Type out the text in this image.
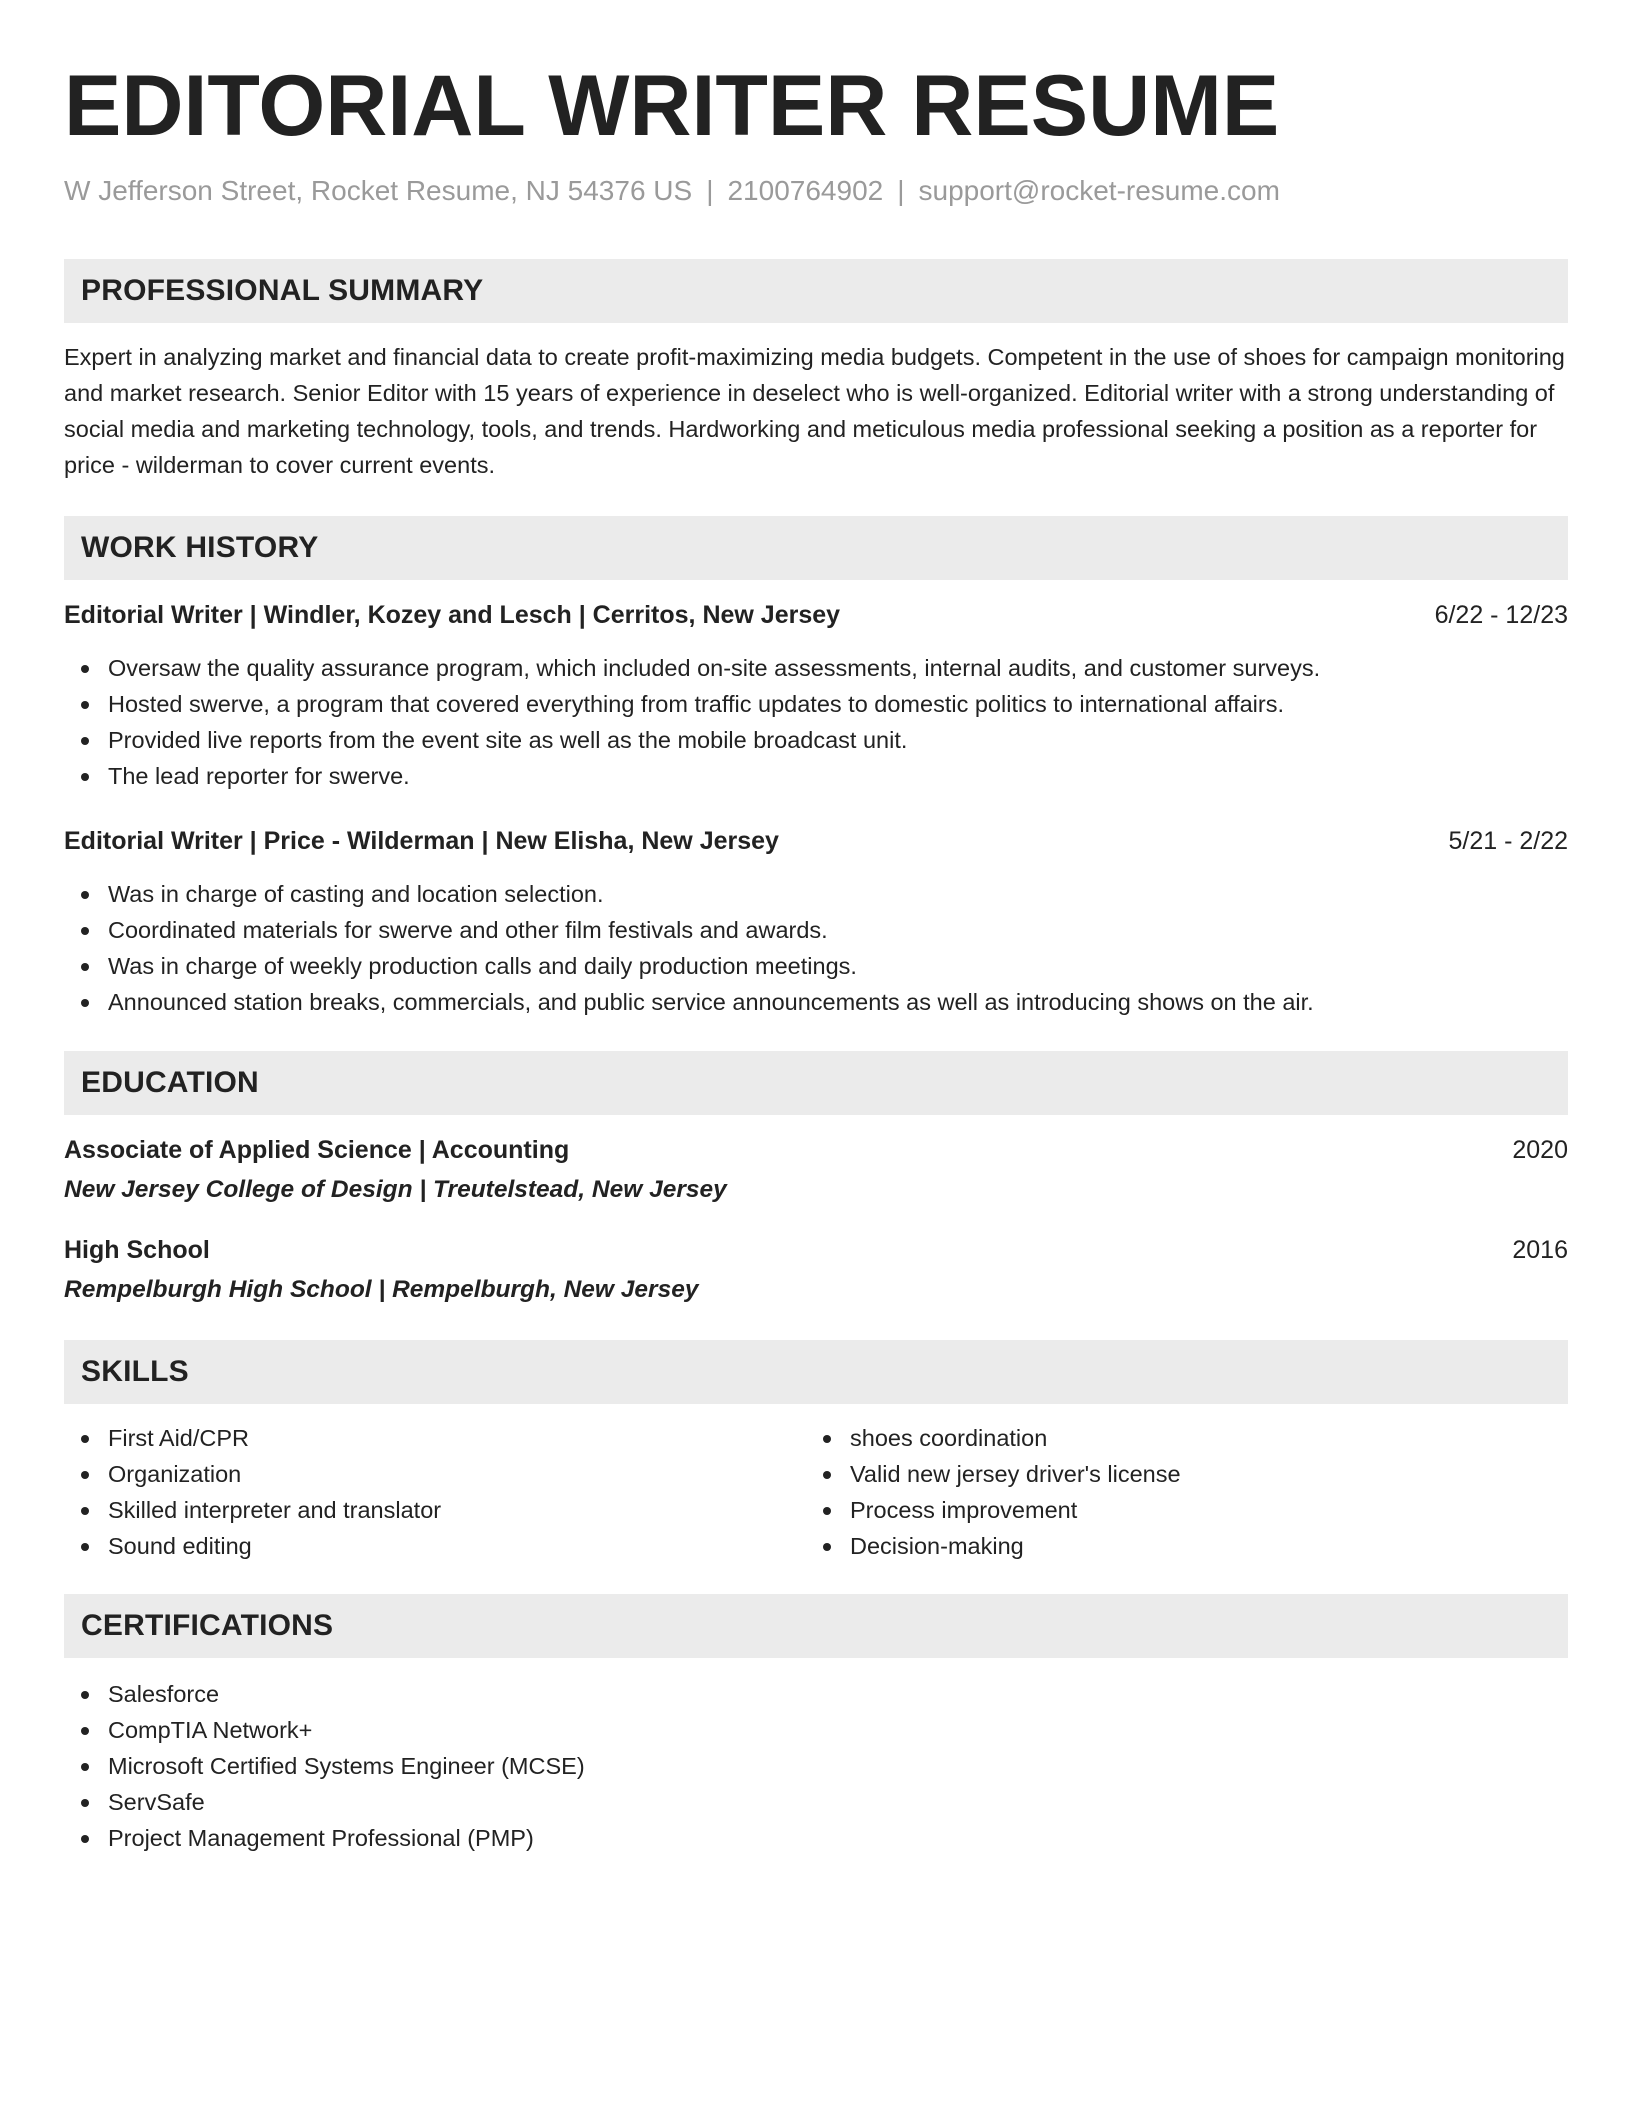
EDITORIAL WRITER RESUME
W Jefferson Street, Rocket Resume, NJ 54376 US | 2100764902 | support@rocket-resume.com
PROFESSIONAL SUMMARY

Expert in analyzing market and financial data to create profit-maximizing media budgets. Competent in the use of shoes for campaign monitoring and market research. Senior Editor with 15 years of experience in deselect who is well-organized. Editorial writer with a strong understanding of social media and marketing technology, tools, and trends. Hardworking and meticulous media professional seeking a position as a reporter for price - wilderman to cover current events.

WORK HISTORY
Editorial Writer | Windler, Kozey and Lesch | Cerritos, New Jersey	6/22 - 12/23
Oversaw the quality assurance program, which included on-site assessments, internal audits, and customer surveys.
Hosted swerve, a program that covered everything from traffic updates to domestic politics to international affairs.
Provided live reports from the event site as well as the mobile broadcast unit.
The lead reporter for swerve.
Editorial Writer | Price - Wilderman | New Elisha, New Jersey	5/21 - 2/22
Was in charge of casting and location selection.
Coordinated materials for swerve and other film festivals and awards.
Was in charge of weekly production calls and daily production meetings.
Announced station breaks, commercials, and public service announcements as well as introducing shows on the air.
EDUCATION
Associate of Applied Science | Accounting	2020
New Jersey College of Design | Treutelstead, New Jersey
High School	2016
Rempelburgh High School | Rempelburgh, New Jersey
SKILLS
First Aid/CPR
Organization
Skilled interpreter and translator
Sound editing
shoes coordination
Valid new jersey driver's license
Process improvement
Decision-making
CERTIFICATIONS
Salesforce
CompTIA Network+
Microsoft Certified Systems Engineer (MCSE)
ServSafe
Project Management Professional (PMP)
